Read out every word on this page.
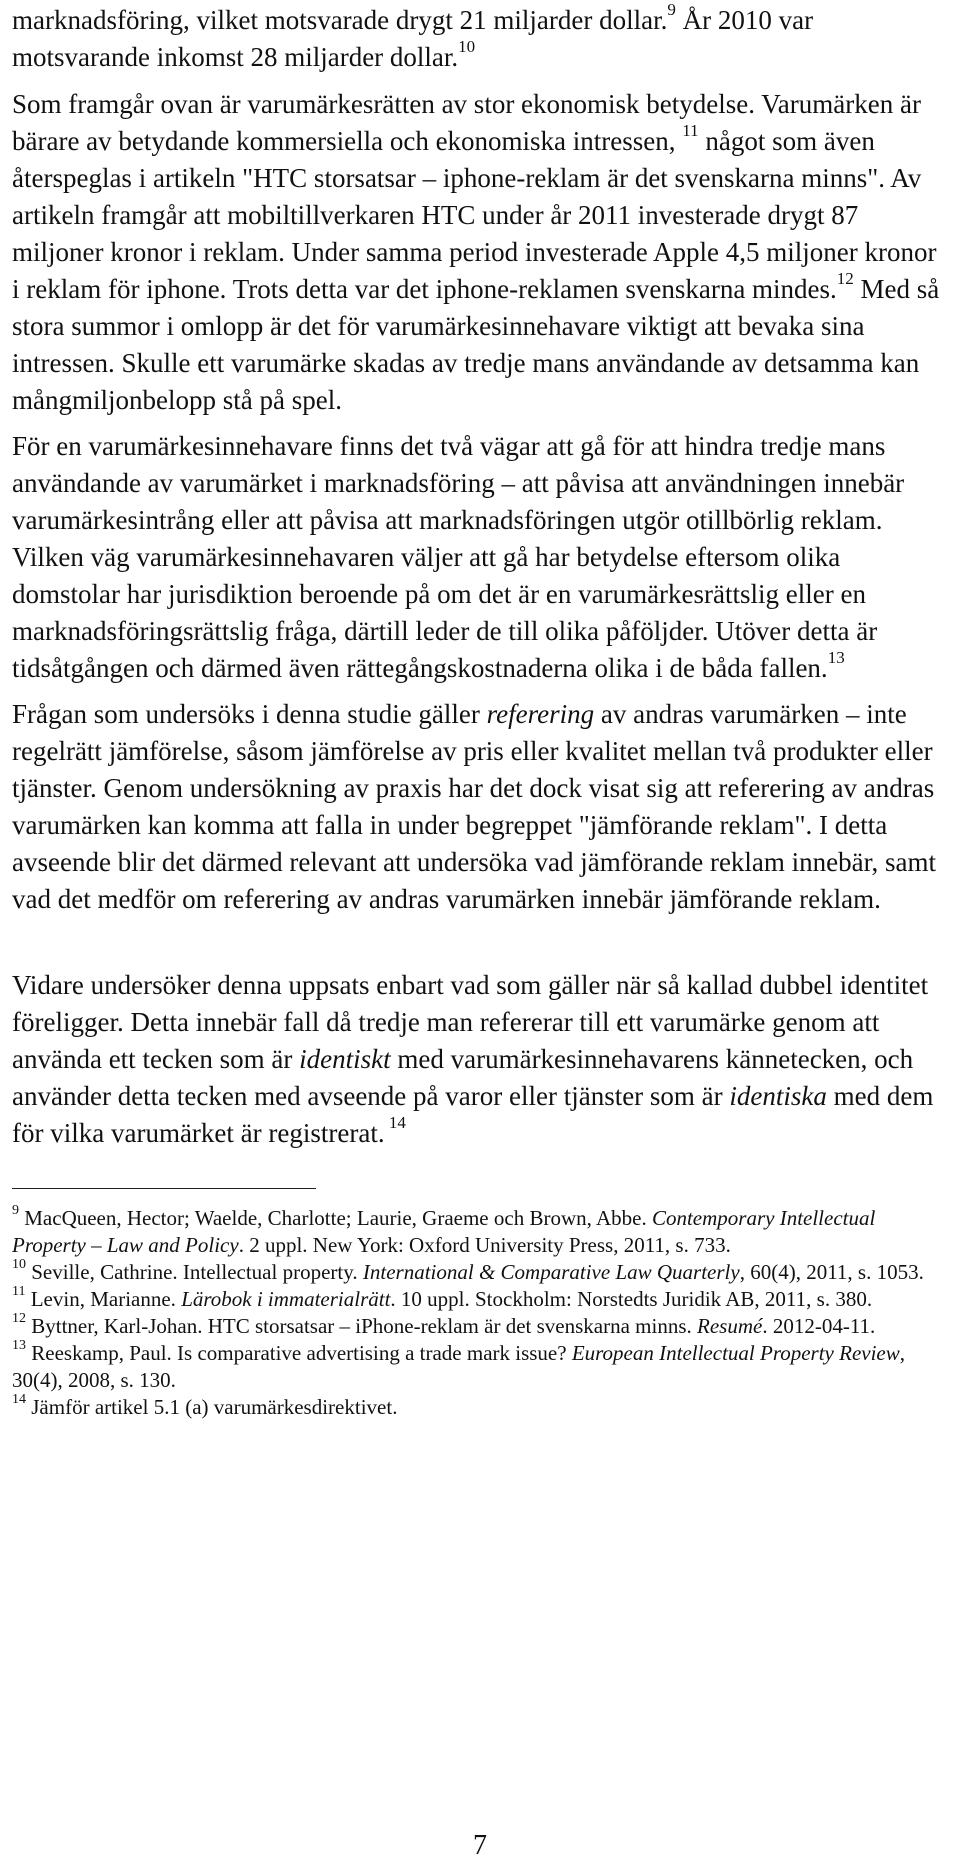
marknadsföring, vilket motsvarade drygt 21 miljarder dollar.$^9$ År 2010 var motsvarande inkomst 28 miljarder dollar.$^{10}$

Som framgår ovan är varumärkesrätten av stor ekonomisk betydelse. Varumärken är bärare av betydande kommersiella och ekonomiska intressen, $^{11}$ något som även återspeglas i artikeln "HTC storsatsar – iphone-reklam är det svenskarna minns". Av artikeln framgår att mobiltillverkaren HTC under år 2011 investerade drygt 87 miljoner kronor i reklam. Under samma period investerade Apple 4,5 miljoner kronor i reklam för iphone. Trots detta var det iphone-reklamen svenskarna mindes.$^{12}$ Med så stora summor i omlopp är det för varumärkesinnehavare viktigt att bevaka sina intressen. Skulle ett varumärke skadas av tredje mans användande av detsamma kan mångmiljonbelopp stå på spel.

För en varumärkesinnehavare finns det två vägar att gå för att hindra tredje mans användande av varumärket i marknadsföring – att påvisa att användningen innebär varumärkesintrång eller att påvisa att marknadsföringen utgör otillbörlig reklam. Vilken väg varumärkesinnehavaren väljer att gå har betydelse eftersom olika domstolar har jurisdiktion beroende på om det är en varumärkesrättslig eller en marknadsföringsrättslig fråga, därtill leder de till olika påföljder. Utöver detta är tidsåtgången och därmed även rättegångskostnaderna olika i de båda fallen.$^{13}$

Frågan som undersöks i denna studie gäller referering av andras varumärken – inte regelrätt jämförelse, såsom jämförelse av pris eller kvalitet mellan två produkter eller tjänster. Genom undersökning av praxis har det dock visat sig att referering av andras varumärken kan komma att falla in under begreppet "jämförande reklam". I detta avseende blir det därmed relevant att undersöka vad jämförande reklam innebär, samt vad det medför om referering av andras varumärken innebär jämförande reklam.

Vidare undersöker denna uppsats enbart vad som gäller när så kallad dubbel identitet föreligger. Detta innebär fall då tredje man refererar till ett varumärke genom att använda ett tecken som är identiskt med varumärkesinnehavarens kännetecken, och använder detta tecken med avseende på varor eller tjänster som är identiska med dem för vilka varumärket är registrerat. $^{14}$

$^9$ MacQueen, Hector; Waelde, Charlotte; Laurie, Graeme och Brown, Abbe. Contemporary Intellectual Property – Law and Policy. 2 uppl. New York: Oxford University Press, 2011, s. 733.

$^{10}$ Seville, Cathrine. Intellectual property. International & Comparative Law Quarterly, 60(4), 2011, s. 1053.

$^{11}$ Levin, Marianne. Lärobok i immaterialrätt. 10 uppl. Stockholm: Norstedts Juridik AB, 2011, s. 380.

$^{12}$ Byttner, Karl-Johan. HTC storsatsar – iPhone-reklam är det svenskarna minns. Resumé. 2012-04-11.

$^{13}$ Reeskamp, Paul. Is comparative advertising a trade mark issue? European Intellectual Property Review, 30(4), 2008, s. 130.

$^{14}$ Jämför artikel 5.1 (a) varumärkesdirektivet.

7
